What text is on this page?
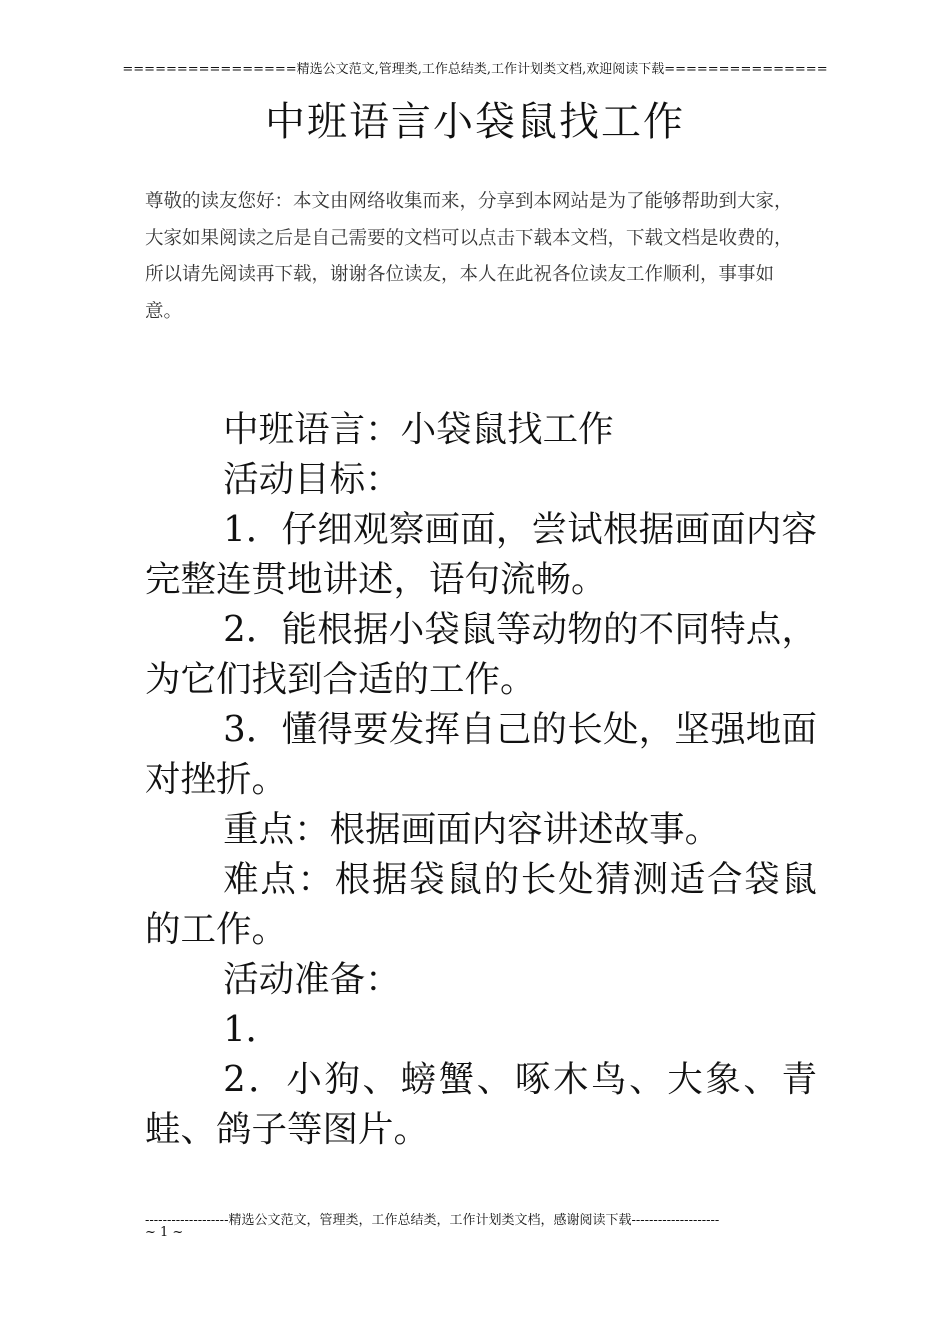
================精选公文范文,管理类,工作总结类,工作计划类文档,欢迎阅读下载===============
中班语言小袋鼠找工作
尊敬的读友您好：本文由网络收集而来，分享到本网站是为了能够帮助到大家，大家如果阅读之后是自己需要的文档可以点击下载本文档，下载文档是收费的，所以请先阅读再下载，谢谢各位读友，本人在此祝各位读友工作顺利，事事如意。

中班语言：小袋鼠找工作

活动目标：

1．仔细观察画面，尝试根据画面内容完整连贯地讲述，语句流畅。

2．能根据小袋鼠等动物的不同特点，为它们找到合适的工作。

3．懂得要发挥自己的长处，坚强地面对挫折。

重点：根据画面内容讲述故事。

难点：根据袋鼠的长处猜测适合袋鼠的工作。

活动准备：

1．

2．小狗、螃蟹、啄木鸟、大象、青蛙、鸽子等图片。

-------------------精选公文范文，管理类，工作总结类，工作计划类文档，感谢阅读下载--------------------
~ 1 ~
